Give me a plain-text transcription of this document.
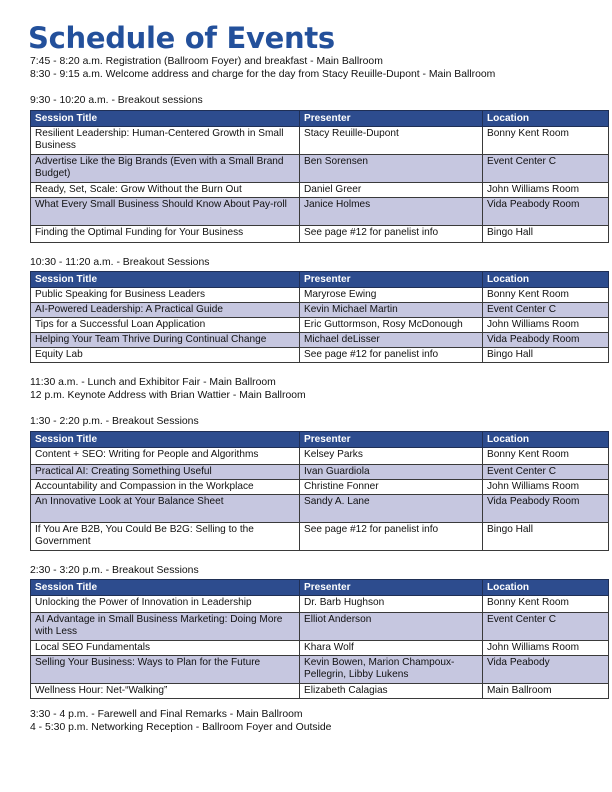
Schedule of Events
7:45 - 8:20 a.m. Registration (Ballroom Foyer) and breakfast - Main Ballroom
8:30 - 9:15 a.m. Welcome address and charge for the day from Stacy Reuille-Dupont - Main Ballroom
9:30 - 10:20 a.m. - Breakout sessions
Session Title	Presenter	Location
Resilient Leadership: Human-Centered Growth in Small Business	Stacy Reuille-Dupont	Bonny Kent Room
Advertise Like the Big Brands (Even with a Small Brand Budget)	Ben Sorensen	Event Center C
Ready, Set, Scale: Grow Without the Burn Out	Daniel Greer	John Williams Room
What Every Small Business Should Know About Pay-roll	Janice Holmes	Vida Peabody Room
Finding the Optimal Funding for Your Business	See page #12 for panelist info	Bingo Hall
10:30 - 11:20 a.m. - Breakout Sessions
Session Title	Presenter	Location
Public Speaking for Business Leaders	Maryrose Ewing	Bonny Kent Room
AI-Powered Leadership: A Practical Guide	Kevin Michael Martin	Event Center C
Tips for a Successful Loan Application	Eric Guttormson, Rosy McDonough	John Williams Room
Helping Your Team Thrive During Continual Change	Michael deLisser	Vida Peabody Room
Equity Lab	See page #12 for panelist info	Bingo Hall
11:30 a.m. - Lunch and Exhibitor Fair - Main Ballroom
12 p.m. Keynote Address with Brian Wattier - Main Ballroom
1:30 - 2:20 p.m. - Breakout Sessions
Session Title	Presenter	Location
Content + SEO: Writing for People and Algorithms	Kelsey Parks	Bonny Kent Room
Practical AI: Creating Something Useful	Ivan Guardiola	Event Center C
Accountability and Compassion in the Workplace	Christine Fonner	John Williams Room
An Innovative Look at Your Balance Sheet	Sandy A. Lane	Vida Peabody Room
If You Are B2B, You Could Be B2G: Selling to the Government	See page #12 for panelist info	Bingo Hall
2:30 - 3:20 p.m. - Breakout Sessions
Session Title	Presenter	Location
Unlocking the Power of Innovation in Leadership	Dr. Barb Hughson	Bonny Kent Room
AI Advantage in Small Business Marketing: Doing More with Less	Elliot Anderson	Event Center C
Local SEO Fundamentals	Khara Wolf	John Williams Room
Selling Your Business: Ways to Plan for the Future	Kevin Bowen, Marion Champoux-Pellegrin, Libby Lukens	Vida Peabody
Wellness Hour: Net-“Walking”	Elizabeth Calagias	Main Ballroom
3:30 - 4 p.m. - Farewell and Final Remarks - Main Ballroom
4 - 5:30 p.m. Networking Reception - Ballroom Foyer and Outside
